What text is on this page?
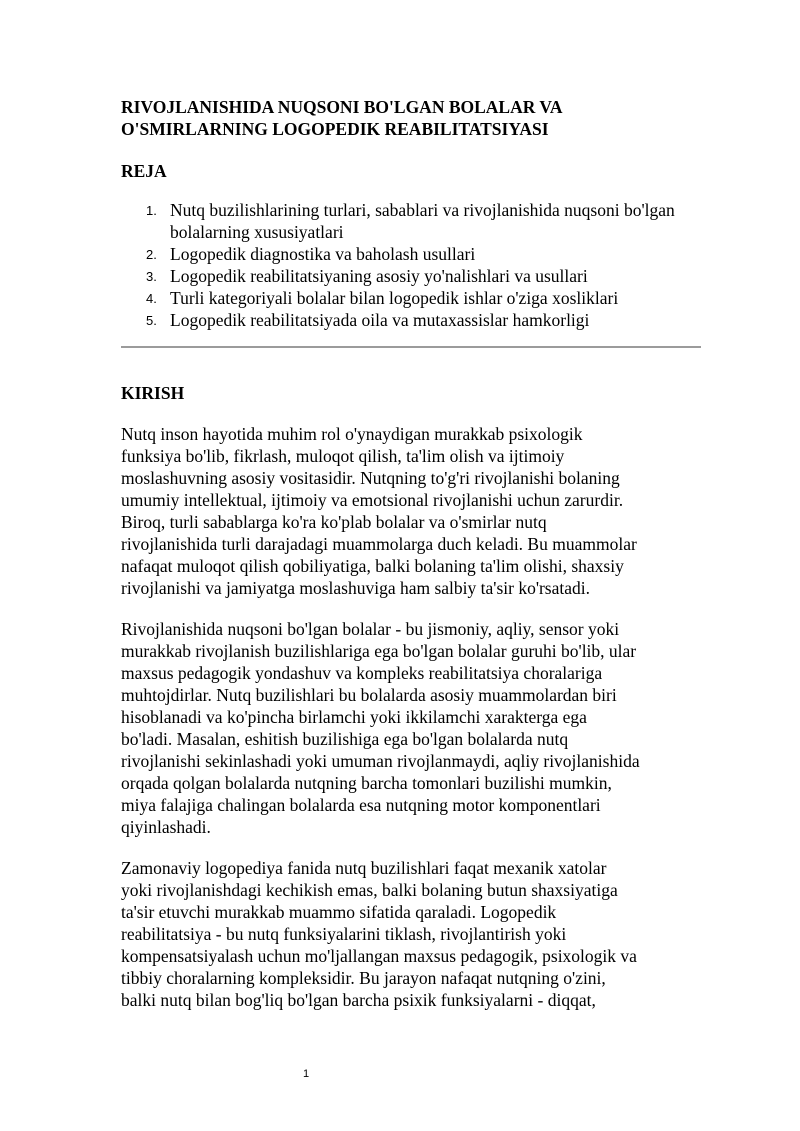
RIVOJLANISHIDA NUQSONI BO'LGAN BOLALAR VA
O'SMIRLARNING LOGOPEDIK REABILITATSIYASI
REJA
1. Nutq buzilishlarining turlari, sabablari va rivojlanishida nuqsoni bo'lgan bolalarning xususiyatlari
2. Logopedik diagnostika va baholash usullari
3. Logopedik reabilitatsiyaning asosiy yo'nalishlari va usullari
4. Turli kategoriyali bolalar bilan logopedik ishlar o'ziga xosliklari
5. Logopedik reabilitatsiyada oila va mutaxassislar hamkorligi
KIRISH

Nutq inson hayotida muhim rol o'ynaydigan murakkab psixologik
funksiya bo'lib, fikrlash, muloqot qilish, ta'lim olish va ijtimoiy
moslashuvning asosiy vositasidir. Nutqning to'g'ri rivojlanishi bolaning
umumiy intellektual, ijtimoiy va emotsional rivojlanishi uchun zarurdir.
Biroq, turli sabablarga ko'ra ko'plab bolalar va o'smirlar nutq
rivojlanishida turli darajadagi muammolarga duch keladi. Bu muammolar
nafaqat muloqot qilish qobiliyatiga, balki bolaning ta'lim olishi, shaxsiy
rivojlanishi va jamiyatga moslashuviga ham salbiy ta'sir ko'rsatadi.

Rivojlanishida nuqsoni bo'lgan bolalar - bu jismoniy, aqliy, sensor yoki
murakkab rivojlanish buzilishlariga ega bo'lgan bolalar guruhi bo'lib, ular
maxsus pedagogik yondashuv va kompleks reabilitatsiya choralariga
muhtojdirlar. Nutq buzilishlari bu bolalarda asosiy muammolardan biri
hisoblanadi va ko'pincha birlamchi yoki ikkilamchi xarakterga ega
bo'ladi. Masalan, eshitish buzilishiga ega bo'lgan bolalarda nutq
rivojlanishi sekinlashadi yoki umuman rivojlanmaydi, aqliy rivojlanishida
orqada qolgan bolalarda nutqning barcha tomonlari buzilishi mumkin,
miya falajiga chalingan bolalarda esa nutqning motor komponentlari
qiyinlashadi.

Zamonaviy logopediya fanida nutq buzilishlari faqat mexanik xatolar
yoki rivojlanishdagi kechikish emas, balki bolaning butun shaxsiyatiga
ta'sir etuvchi murakkab muammo sifatida qaraladi. Logopedik
reabilitatsiya - bu nutq funksiyalarini tiklash, rivojlantirish yoki
kompensatsiyalash uchun mo'ljallangan maxsus pedagogik, psixologik va
tibbiy choralarning kompleksidir. Bu jarayon nafaqat nutqning o'zini,
balki nutq bilan bog'liq bo'lgan barcha psixik funksiyalarni - diqqat,

1
